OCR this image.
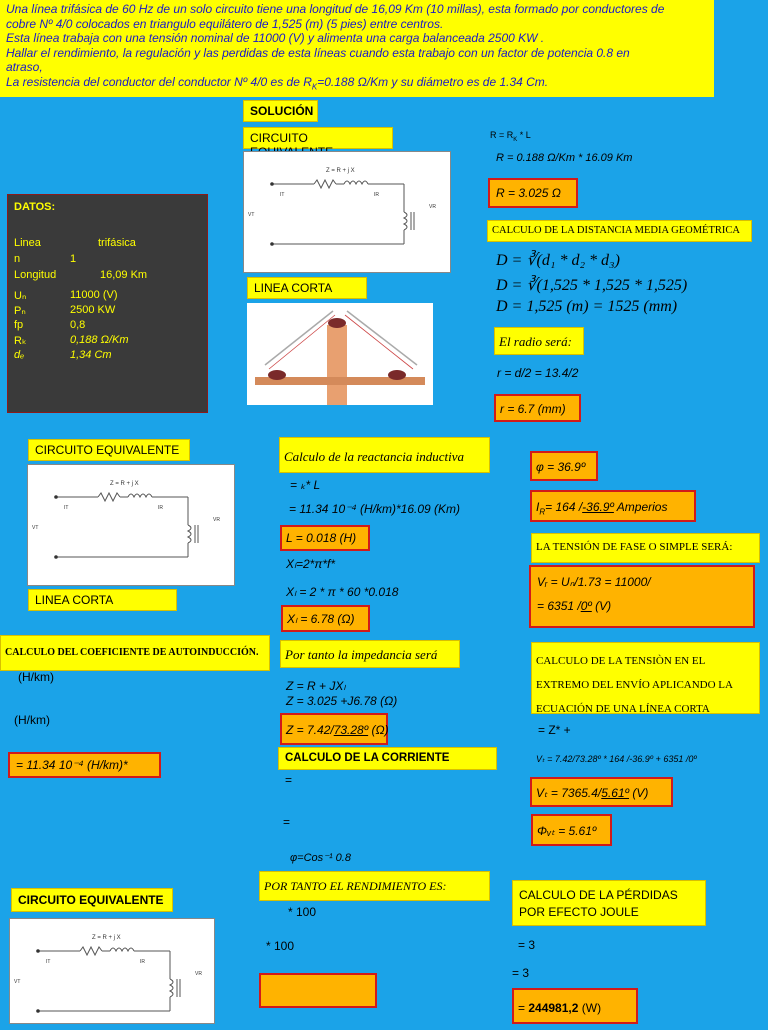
Una línea trifásica de 60 Hz de un solo circuito tiene una longitud de 16,09 Km (10 millas), esta formado por conductores de
cobre Nº 4/0 colocados en triangulo equilátero de 1,525 (m) (5 pies) entre centros.
Esta línea trabaja con una tensión nominal de 11000 (V) y alimenta una carga balanceada 2500 KW .
Hallar el rendimiento, la regulación y las perdidas de esta líneas cuando esta trabajo con un factor de potencia 0.8 en
atraso,
La resistencia del conductor del conductor Nº 4/0 es de $R_K=0.188$ Ω/Km y su diámetro es de 1.34 Cm.
SOLUCIÓN
CIRCUITO
Z = R + j X
IT	IR
VT
VR
LINEA CORTA
DATOS:
Linea	trifásica
n	1
Longitud	16,09 Km
Uₙ	11000 (V)
Pₙ	2500 KW
fp	0,8
Rₖ	0,188 Ω/Km
dₑ	1,34 Cm
$R = R_K * L$
R = 0.188 Ω/Km * 16.09 Km
R = 3.025 Ω
CALCULO DE LA DISTANCIA MEDIA GEOMÉTRICA
D = ∛(d₁ * d₂ * d₃)
D = ∛(1,525 * 1,525 * 1,525)
D = 1,525 (m) = 1525 (mm)
El radio será:
r = d/2 = 13.4/2
r = 6.7 (mm)
CIRCUITO EQUIVALENTE
Z = R + j X
IT	IR
VT
VR
LINEA CORTA
CALCULO DEL COEFICIENTE DE AUTOINDUCCIÓN.
(H/km)
(H/km)
= 11.34 10⁻⁴ (H/km)*
Calculo de la reactancia inductiva
= ₖ* L
= 11.34 10⁻⁴ (H/km)*16.09 (Km)
L = 0.018 (H)
Xₗ=2*π*f*
Xₗ = 2 * π * 60 *0.018
Xₗ = 6.78 (Ω)
Por tanto la impedancia será
Z = R + JXₗ
Z = 3.025 +J6.78 (Ω)
Z = 7.42/73.28º (Ω)
CALCULO DE LA CORRIENTE
=
=
φ=Cos⁻¹ 0.8
φ = 36.9º
$I_R= 164$ /-36.9º Amperios
LA TENSIÓN DE FASE O SIMPLE SERÁ:
Vᵣ = Uₙ/1.73 = 11000/
= 6351 /0º (V)
CALCULO DE LA TENSIÒN EN EL EXTREMO DEL ENVÍO APLICANDO LA ECUACIÓN DE UNA LÍNEA CORTA
= Z* +
Vₜ = 7.42/73.28º * 164 /-36.9º + 6351 /0º
Vₜ = 7365.4/5.61º (V)
Φᵥₜ = 5.61º
CIRCUITO EQUIVALENTE
Z = R + j X
IT	IR
VT
VR
POR TANTO EL RENDIMIENTO ES:
* 100
* 100
CALCULO DE LA PÉRDIDAS POR EFECTO JOULE
= 3
= 3
= 244981,2 (W)
